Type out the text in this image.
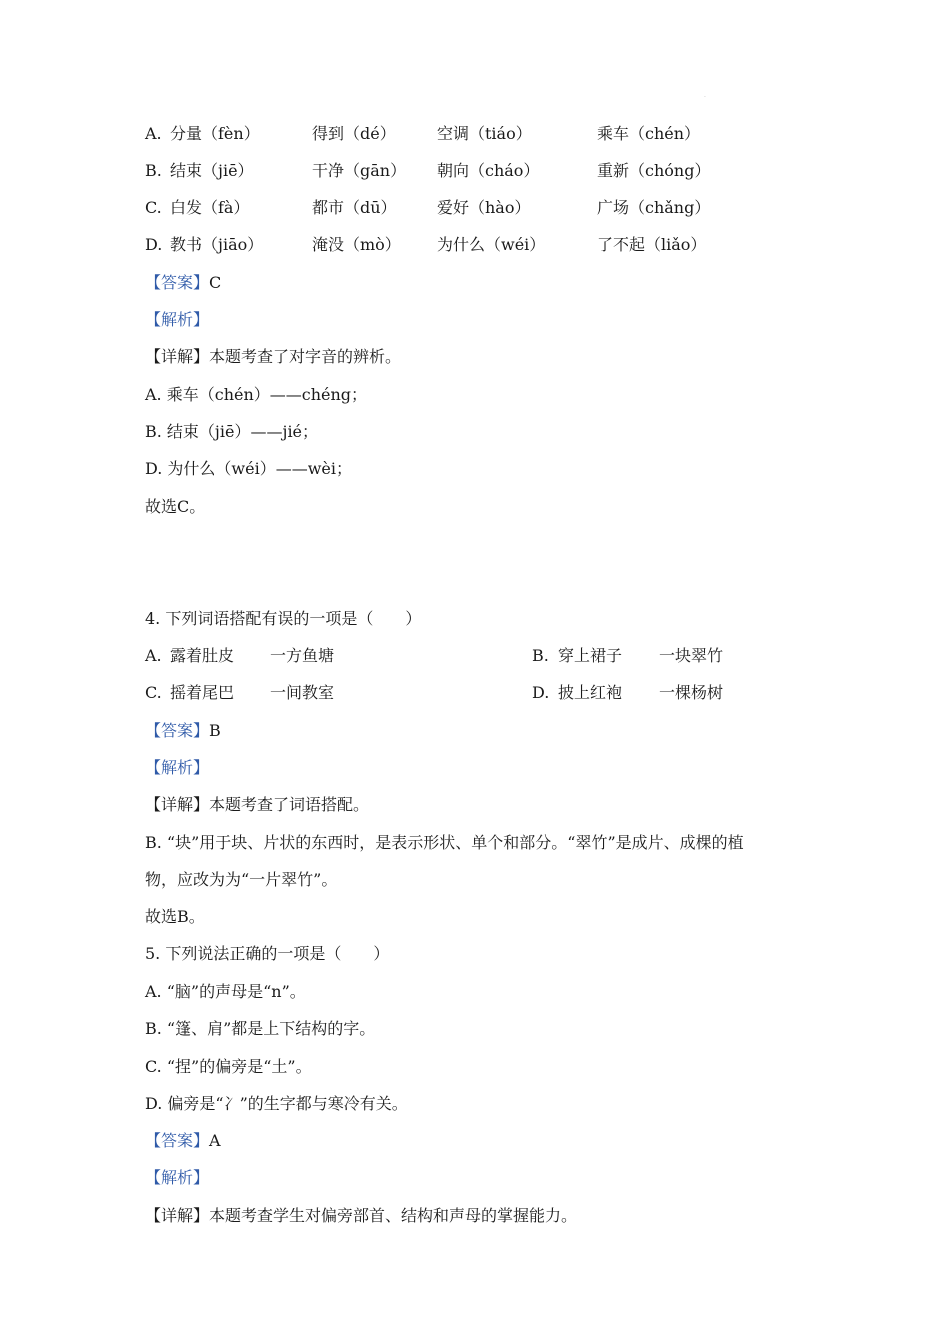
·
A. 分量（fèn）	得到（dé）	空调（tiáo）	乘车（chén）
B. 结束（jiē）	干净（gān） 朝向（cháo）	重新（chóng）
C. 白发（fà）	都市（dū）	爱好（hào）	广场（chǎng）
D. 教书（jiāo）	淹没（mò） 为什么（wéi）	了不起（liǎo）
【答案】C
【解析】
【详解】本题考查了对字音的辨析。
A. 乘车（chén）——chéng；
B. 结束（jiē）——jié；
D. 为什么（wéi）——wèi；
故选C。
4. 下列词语搭配有误的一项是（　　）
A. 露着肚皮 一方鱼塘	B. 穿上裙子 一块翠竹
C. 摇着尾巴 一间教室	D. 披上红袍 一棵杨树
【答案】B
【解析】
【详解】本题考查了词语搭配。
B. “块”用于块、片状的东西时，是表示形状、单个和部分。“翠竹”是成片、成棵的植
物，应改为为“一片翠竹”。
故选B。
5. 下列说法正确的一项是（　　）
A. “脑”的声母是“n”。
B. “篷、肩”都是上下结构的字。
C. “捏”的偏旁是“土”。
D. 偏旁是“冫”的生字都与寒冷有关。
【答案】A
【解析】
【详解】本题考查学生对偏旁部首、结构和声母的掌握能力。
